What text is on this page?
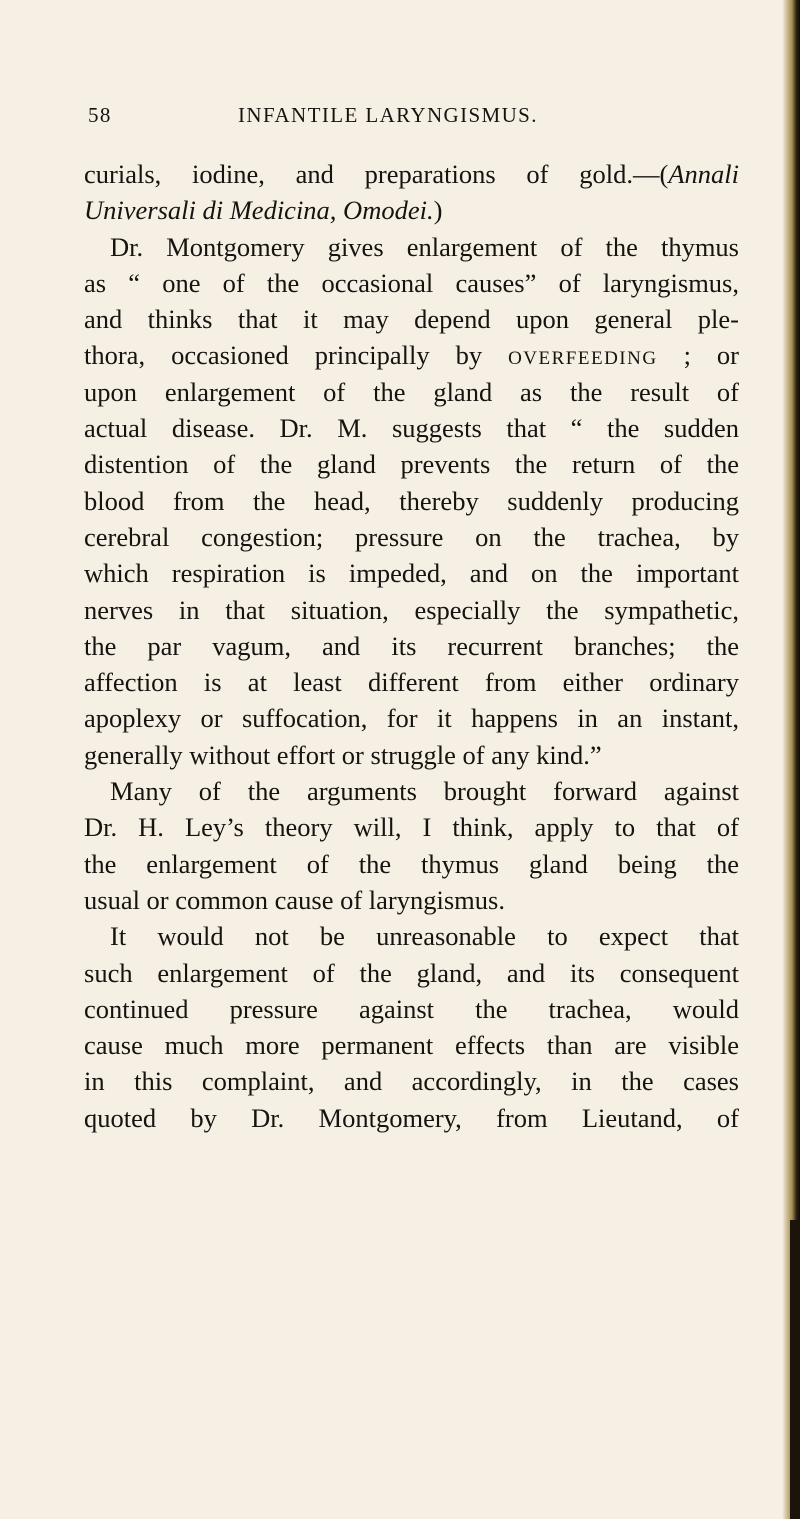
58	INFANTILE LARYNGISMUS.
curials, iodine, and preparations of gold.—(Annali
Universali di Medicina, Omodei.)
Dr. Montgomery gives enlargement of the thymus
as “ one of the occasional causes” of laryngismus,
and thinks that it may depend upon general ple-
thora, occasioned principally by OVERFEEDING ; or
upon enlargement of the gland as the result of
actual disease. Dr. M. suggests that “ the sudden
distention of the gland prevents the return of the
blood from the head, thereby suddenly producing
cerebral congestion; pressure on the trachea, by
which respiration is impeded, and on the important
nerves in that situation, especially the sympathetic,
the par vagum, and its recurrent branches; the
affection is at least different from either ordinary
apoplexy or suffocation, for it happens in an instant,
generally without effort or struggle of any kind.”
Many of the arguments brought forward against
Dr. H. Ley’s theory will, I think, apply to that of
the enlargement of the thymus gland being the
usual or common cause of laryngismus.
It would not be unreasonable to expect that
such enlargement of the gland, and its consequent
continued pressure against the trachea, would
cause much more permanent effects than are visible
in this complaint, and accordingly, in the cases
quoted by Dr. Montgomery, from Lieutand, of
